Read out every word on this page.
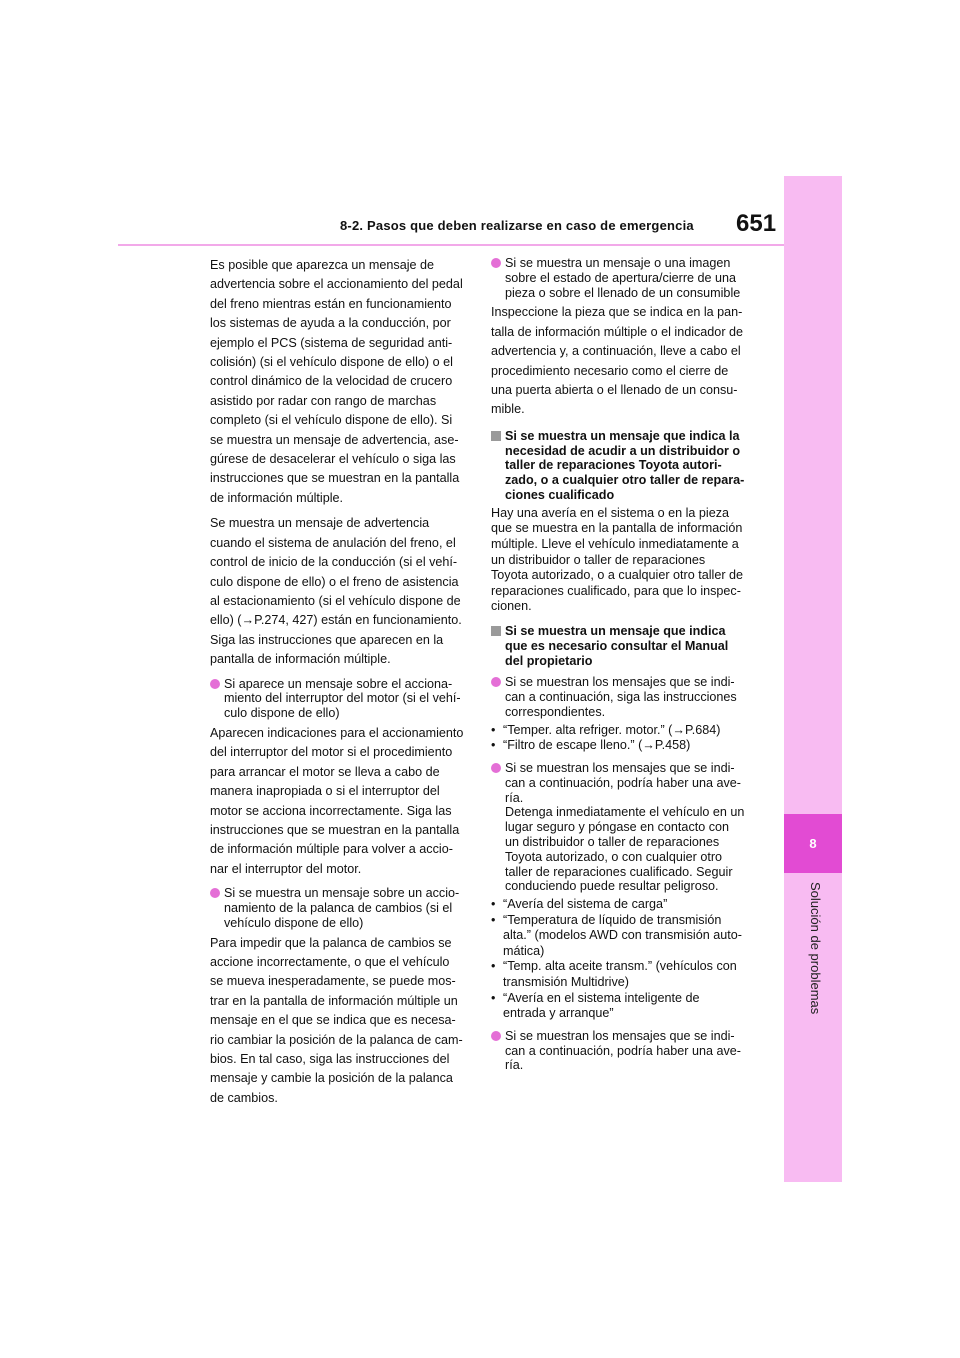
8
Solución de problemas
8-2. Pasos que deben realizarse en caso de emergencia 651
Es posible que aparezca un mensaje de
advertencia sobre el accionamiento del pedal
del freno mientras están en funcionamiento
los sistemas de ayuda a la conducción, por
ejemplo el PCS (sistema de seguridad anti-
colisión) (si el vehículo dispone de ello) o el
control dinámico de la velocidad de crucero
asistido por radar con rango de marchas
completo (si el vehículo dispone de ello). Si
se muestra un mensaje de advertencia, ase-
gúrese de desacelerar el vehículo o siga las
instrucciones que se muestran en la pantalla
de información múltiple.
Se muestra un mensaje de advertencia
cuando el sistema de anulación del freno, el
control de inicio de la conducción (si el vehí-
culo dispone de ello) o el freno de asistencia
al estacionamiento (si el vehículo dispone de
ello) (→P.274, 427) están en funcionamiento.
Siga las instrucciones que aparecen en la
pantalla de información múltiple.
Si aparece un mensaje sobre el acciona-
miento del interruptor del motor (si el vehí-
culo dispone de ello)
Aparecen indicaciones para el accionamiento
del interruptor del motor si el procedimiento
para arrancar el motor se lleva a cabo de
manera inapropiada o si el interruptor del
motor se acciona incorrectamente. Siga las
instrucciones que se muestran en la pantalla
de información múltiple para volver a accio-
nar el interruptor del motor.
Si se muestra un mensaje sobre un accio-
namiento de la palanca de cambios (si el
vehículo dispone de ello)
Para impedir que la palanca de cambios se
accione incorrectamente, o que el vehículo
se mueva inesperadamente, se puede mos-
trar en la pantalla de información múltiple un
mensaje en el que se indica que es necesa-
rio cambiar la posición de la palanca de cam-
bios. En tal caso, siga las instrucciones del
mensaje y cambie la posición de la palanca
de cambios.
Si se muestra un mensaje o una imagen
sobre el estado de apertura/cierre de una
pieza o sobre el llenado de un consumible
Inspeccione la pieza que se indica en la pan-
talla de información múltiple o el indicador de
advertencia y, a continuación, lleve a cabo el
procedimiento necesario como el cierre de
una puerta abierta o el llenado de un consu-
mible.
Si se muestra un mensaje que indica la
necesidad de acudir a un distribuidor o
taller de reparaciones Toyota autori-
zado, o a cualquier otro taller de repara-
ciones cualificado
Hay una avería en el sistema o en la pieza
que se muestra en la pantalla de información
múltiple. Lleve el vehículo inmediatamente a
un distribuidor o taller de reparaciones
Toyota autorizado, o a cualquier otro taller de
reparaciones cualificado, para que lo inspec-
cionen.
Si se muestra un mensaje que indica
que es necesario consultar el Manual
del propietario
Si se muestran los mensajes que se indi-
can a continuación, siga las instrucciones
correspondientes.
• “Temper. alta refriger. motor.” (→P.684)
• “Filtro de escape lleno.” (→P.458)
Si se muestran los mensajes que se indi-
can a continuación, podría haber una ave-
ría.
Detenga inmediatamente el vehículo en un
lugar seguro y póngase en contacto con
un distribuidor o taller de reparaciones
Toyota autorizado, o con cualquier otro
taller de reparaciones cualificado. Seguir
conduciendo puede resultar peligroso.
• “Avería del sistema de carga”
• “Temperatura de líquido de transmisión
alta.” (modelos AWD con transmisión auto-
mática)
• “Temp. alta aceite transm.” (vehículos con
transmisión Multidrive)
• “Avería en el sistema inteligente de
entrada y arranque”
Si se muestran los mensajes que se indi-
can a continuación, podría haber una ave-
ría.
